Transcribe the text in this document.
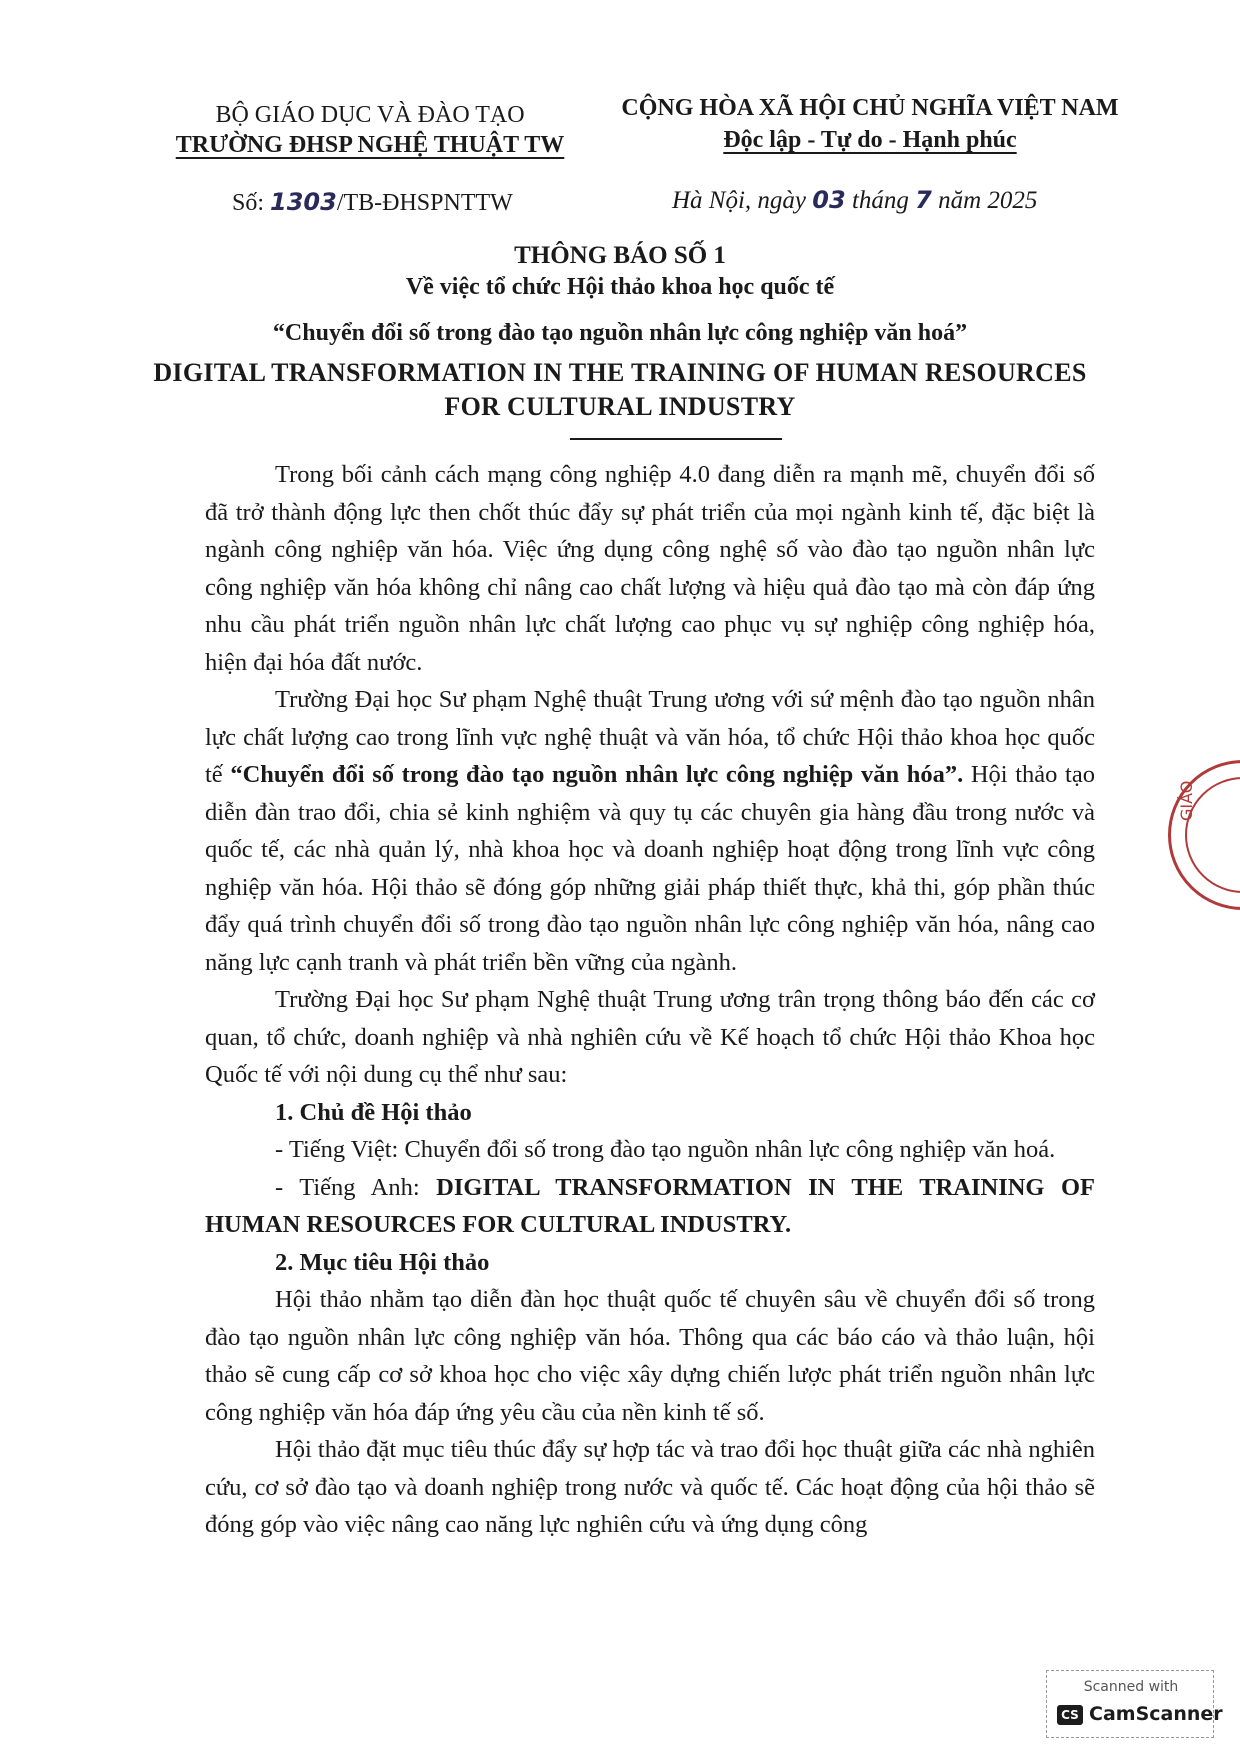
BỘ GIÁO DỤC VÀ ĐÀO TẠO
TRƯỜNG ĐHSP NGHỆ THUẬT TW
CỘNG HÒA XÃ HỘI CHỦ NGHĨA VIỆT NAM
Độc lập - Tự do - Hạnh phúc
Số: 1303/TB-ĐHSPNTTW	Hà Nội, ngày 03 tháng 7 năm 2025
THÔNG BÁO SỐ 1
Về việc tổ chức Hội thảo khoa học quốc tế
“Chuyển đổi số trong đào tạo nguồn nhân lực công nghiệp văn hoá”
DIGITAL TRANSFORMATION IN THE TRAINING OF HUMAN RESOURCES FOR CULTURAL INDUSTRY

Trong bối cảnh cách mạng công nghiệp 4.0 đang diễn ra mạnh mẽ, chuyển đổi số đã trở thành động lực then chốt thúc đẩy sự phát triển của mọi ngành kinh tế, đặc biệt là ngành công nghiệp văn hóa. Việc ứng dụng công nghệ số vào đào tạo nguồn nhân lực công nghiệp văn hóa không chỉ nâng cao chất lượng và hiệu quả đào tạo mà còn đáp ứng nhu cầu phát triển nguồn nhân lực chất lượng cao phục vụ sự nghiệp công nghiệp hóa, hiện đại hóa đất nước.

Trường Đại học Sư phạm Nghệ thuật Trung ương với sứ mệnh đào tạo nguồn nhân lực chất lượng cao trong lĩnh vực nghệ thuật và văn hóa, tổ chức Hội thảo khoa học quốc tế “Chuyển đổi số trong đào tạo nguồn nhân lực công nghiệp văn hóa”. Hội thảo tạo diễn đàn trao đổi, chia sẻ kinh nghiệm và quy tụ các chuyên gia hàng đầu trong nước và quốc tế, các nhà quản lý, nhà khoa học và doanh nghiệp hoạt động trong lĩnh vực công nghiệp văn hóa. Hội thảo sẽ đóng góp những giải pháp thiết thực, khả thi, góp phần thúc đẩy quá trình chuyển đổi số trong đào tạo nguồn nhân lực công nghiệp văn hóa, nâng cao năng lực cạnh tranh và phát triển bền vững của ngành.

Trường Đại học Sư phạm Nghệ thuật Trung ương trân trọng thông báo đến các cơ quan, tổ chức, doanh nghiệp và nhà nghiên cứu về Kế hoạch tổ chức Hội thảo Khoa học Quốc tế với nội dung cụ thể như sau:

1. Chủ đề Hội thảo

- Tiếng Việt: Chuyển đổi số trong đào tạo nguồn nhân lực công nghiệp văn hoá.

- Tiếng Anh: DIGITAL TRANSFORMATION IN THE TRAINING OF HUMAN RESOURCES FOR CULTURAL INDUSTRY.

2. Mục tiêu Hội thảo

Hội thảo nhằm tạo diễn đàn học thuật quốc tế chuyên sâu về chuyển đổi số trong đào tạo nguồn nhân lực công nghiệp văn hóa. Thông qua các báo cáo và thảo luận, hội thảo sẽ cung cấp cơ sở khoa học cho việc xây dựng chiến lược phát triển nguồn nhân lực công nghiệp văn hóa đáp ứng yêu cầu của nền kinh tế số.

Hội thảo đặt mục tiêu thúc đẩy sự hợp tác và trao đổi học thuật giữa các nhà nghiên cứu, cơ sở đào tạo và doanh nghiệp trong nước và quốc tế. Các hoạt động của hội thảo sẽ đóng góp vào việc nâng cao năng lực nghiên cứu và ứng dụng công

GIÁO
Scanned with
CS CamScanner
